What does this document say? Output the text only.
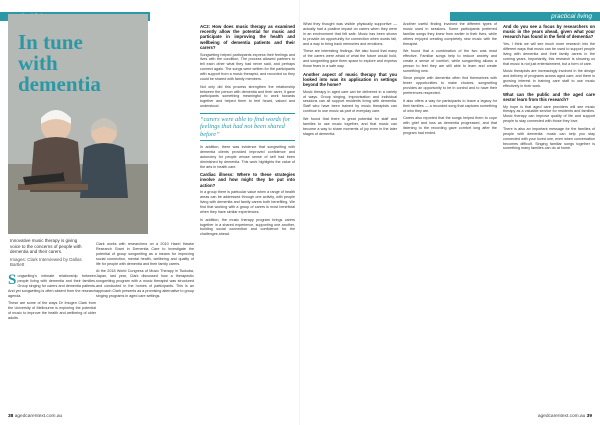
In tune
with
dementia
Innovative music therapy is giving voice to the concerns of people with dementia and their carers.
Images: Clark Interviewed by Dallas Bartlett

Songwriting’s intimate relationship between people living with dementia and their families. Group singing for carers and dementia patients. And yet songwriting is often absent from the research agenda.

These are some of the ways Dr Imogen Clark from the University of Melbourne is exploring the potential of music to improve the health and wellbeing of older adults.

Clark works with researchers on a 2010 Hazel Hawke Research Grant in Dementia Care to investigate the potential of group songwriting as a means for improving social connection, mental health, wellbeing and quality of life for people with dementia and their family carers.

At the 2018 World Congress of Music Therapy in Tsukuba, Japan, last year, Clark discussed how a therapeutic songwriting program with a music therapist was structured and conducted in the homes of participants. This is an approach Clark presents as a promising alternative to group singing programs in aged care settings.

AC2: How does music therapy as examined recently allow the potential for music and participate in improving the health and wellbeing of dementia patients and their carers?

Songwriting helped participants express their feelings and lives with the condition. The process allowed partners to tell each other what they had never said, and perhaps connect again. The songs were written for the participants with support from a music therapist, and recorded so they could be shared with family members.

Not only did this process strengthen the relationship between the person with dementia and their carer, it gave participants something meaningful to work towards together and helped them to feel heard, valued and understood.

“carers were able to find words for feelings that had not been shared before”

In addition, there was evidence that songwriting with dementia clients provided improved confidence and autonomy for people whose sense of self had been diminished by dementia. This work highlights the value of the arts in health care.

Cardiac illness: Where to these strategies involve and how might they be put into action?

In a group there is particular value when a range of health areas can be addressed through one activity, with people living with dementia and family carers both benefiting. We find that working with a group of carers is most beneficial when they have similar experiences.

In addition, the music therapy program brings carers together in a shared experience, supporting one another, building social connection and confidence for the challenges ahead.

38 agedcarentext.com.au
practical living

What they thought was visible physically supportive — actually had a positive impact on carers when they were in an environment that felt safe. Music has been shown to provide an opportunity for connection when words fail, and a way to bring back memories and emotions.

These are interesting findings. We also found that many of the carers were afraid of what the future would hold, and songwriting gave them space to explore and express those fears in a safe way.

Another aspect of music therapy that you looked into was its application in settings beyond the home?

Music therapy in aged care can be delivered in a variety of ways. Group singing, improvisation and individual sessions can all support residents living with dementia. Staff who have been trained by music therapists can continue to use music as part of everyday care.

We found that there is great potential for staff and families to use music together, and that music can become a way to share moments of joy even in the later stages of dementia.

Another useful finding involved the different types of music used in sessions. Some participants preferred familiar songs they knew from earlier in their lives, while others enjoyed creating completely new music with the therapist.

We found that a combination of the two was most effective. Familiar songs help to reduce anxiety and create a sense of comfort, while songwriting allows a person to feel they are still able to learn and create something new.

Since people with dementia often find themselves with fewer opportunities to make choices, songwriting provides an opportunity to be in control and to have their preferences respected.

It also offers a way for participants to leave a legacy for their families — a recorded song that captures something of who they are.

Carers also reported that the songs helped them to cope with grief and loss as dementia progressed, and that listening to the recording gave comfort long after the program had ended.

And do you see a focus by researchers on music in the years ahead, given what your research has found in the field of dementia?

Yes, I think we will see much more research into the different ways that music can be used to support people living with dementia and their family carers in the coming years. Importantly, this research is showing us that music is not just entertainment, but a form of care.

Music therapists are increasingly involved in the design and delivery of programs across aged care, and there is growing interest in training care staff to use music effectively in their work.

What can the public and the aged care sector learn from this research?

My hope is that aged care providers will see music therapy as a valuable service for residents and families. Music therapy can improve quality of life and support people to stay connected with those they love.

There is also an important message for the families of people with dementia: music can help you stay connected with your loved one, even when conversation becomes difficult. Singing familiar songs together is something many families can do at home.

agedcarentext.com.au 39
